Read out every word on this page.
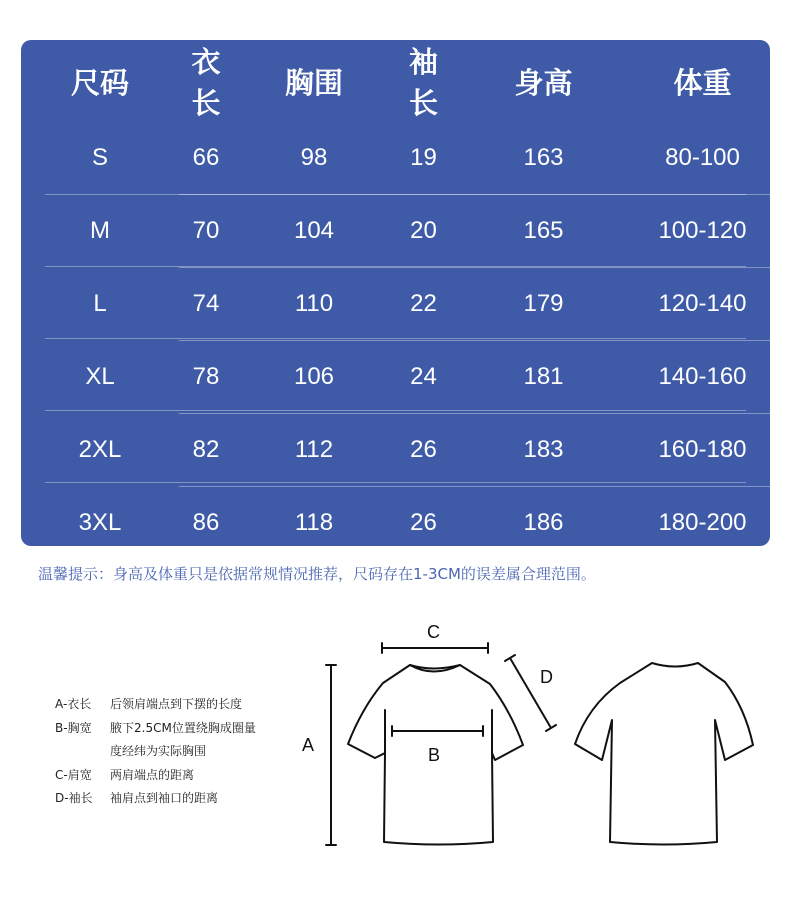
尺码	衣长	胸围	袖长	身高	体重
S	66	98	19	163	80-100
M	70	104	20	165	100-120
L	74	110	22	179	120-140
XL	78	106	24	181	140-160
2XL	82	112	26	183	160-180
3XL	86	118	26	186	180-200
温馨提示：身高及体重只是依据常规情况推荐，尺码存在1-3CM的误差属合理范围。
A-衣长	后领肩端点到下摆的长度
B-胸宽	腋下2.5CM位置绕胸成圈量
度经纬为实际胸围
C-肩宽	两肩端点的距离
D-袖长	袖肩点到袖口的距离
A	B
C
D
